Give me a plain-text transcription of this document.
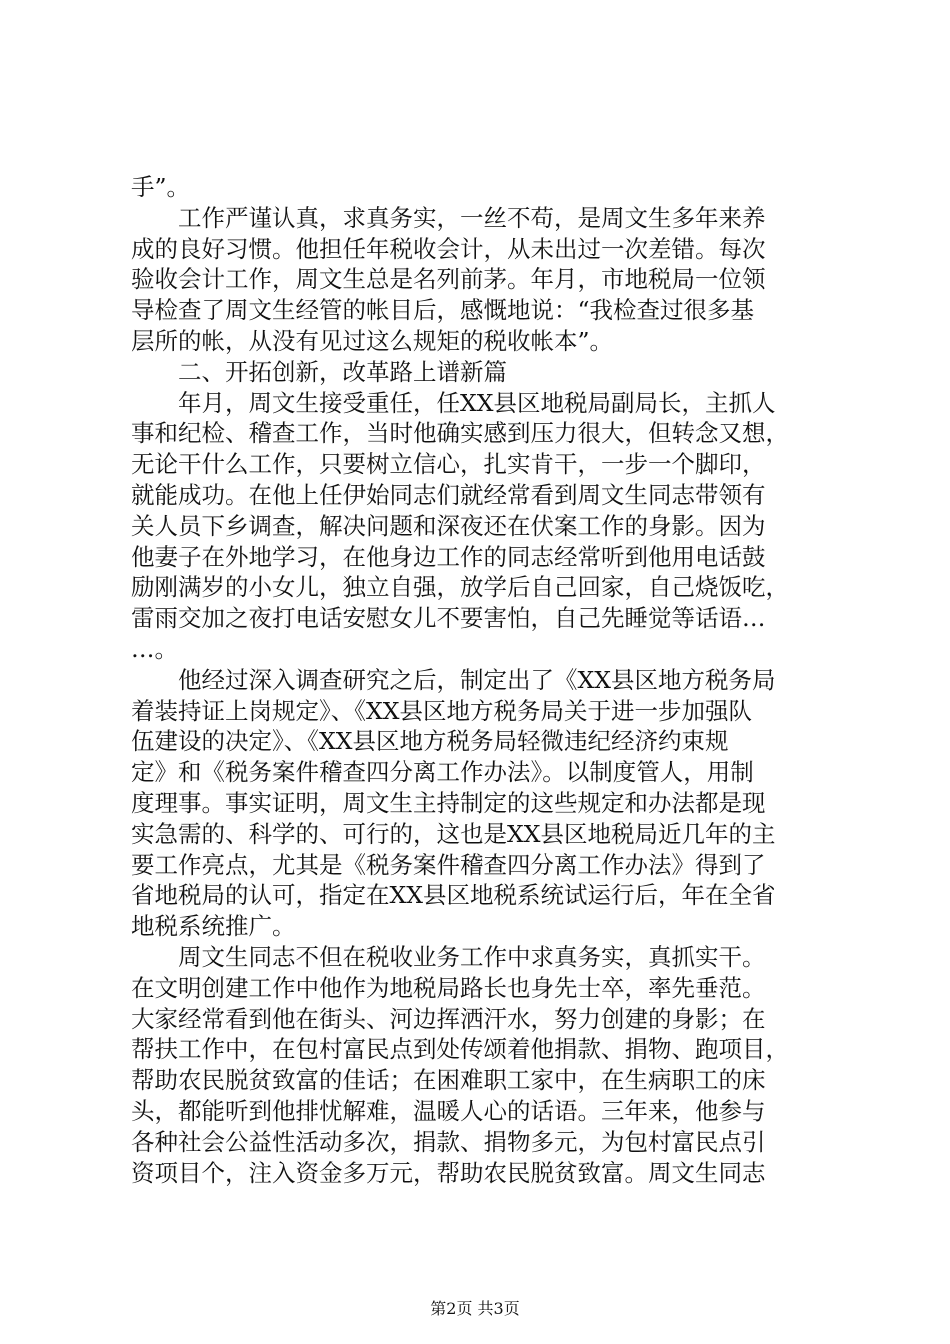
手”。
　　工作严谨认真，求真务实，一丝不苟，是周文生多年来养
成的良好习惯。他担任年税收会计，从未出过一次差错。每次
验收会计工作，周文生总是名列前茅。年月，市地税局一位领
导检查了周文生经管的帐目后，感慨地说：“我检查过很多基
层所的帐，从没有见过这么规矩的税收帐本”。
　　二、开拓创新，改革路上谱新篇
　　年月，周文生接受重任，任XX县区地税局副局长，主抓人
事和纪检、稽查工作，当时他确实感到压力很大，但转念又想，
无论干什么工作，只要树立信心，扎实肯干，一步一个脚印，
就能成功。在他上任伊始同志们就经常看到周文生同志带领有
关人员下乡调查，解决问题和深夜还在伏案工作的身影。因为
他妻子在外地学习，在他身边工作的同志经常听到他用电话鼓
励刚满岁的小女儿，独立自强，放学后自己回家，自己烧饭吃，
雷雨交加之夜打电话安慰女儿不要害怕，自己先睡觉等话语…
…。
　　他经过深入调查研究之后，制定出了《XX县区地方税务局
着装持证上岗规定》、《XX县区地方税务局关于进一步加强队
伍建设的决定》、《XX县区地方税务局轻微违纪经济约束规
定》和《税务案件稽查四分离工作办法》。以制度管人，用制
度理事。事实证明，周文生主持制定的这些规定和办法都是现
实急需的、科学的、可行的，这也是XX县区地税局近几年的主
要工作亮点，尤其是《税务案件稽查四分离工作办法》得到了
省地税局的认可，指定在XX县区地税系统试运行后，年在全省
地税系统推广。
　　周文生同志不但在税收业务工作中求真务实，真抓实干。
在文明创建工作中他作为地税局路长也身先士卒，率先垂范。
大家经常看到他在街头、河边挥洒汗水，努力创建的身影；在
帮扶工作中，在包村富民点到处传颂着他捐款、捐物、跑项目，
帮助农民脱贫致富的佳话；在困难职工家中，在生病职工的床
头，都能听到他排忧解难，温暖人心的话语。三年来，他参与
各种社会公益性活动多次，捐款、捐物多元，为包村富民点引
资项目个，注入资金多万元，帮助农民脱贫致富。周文生同志
第2页 共3页
